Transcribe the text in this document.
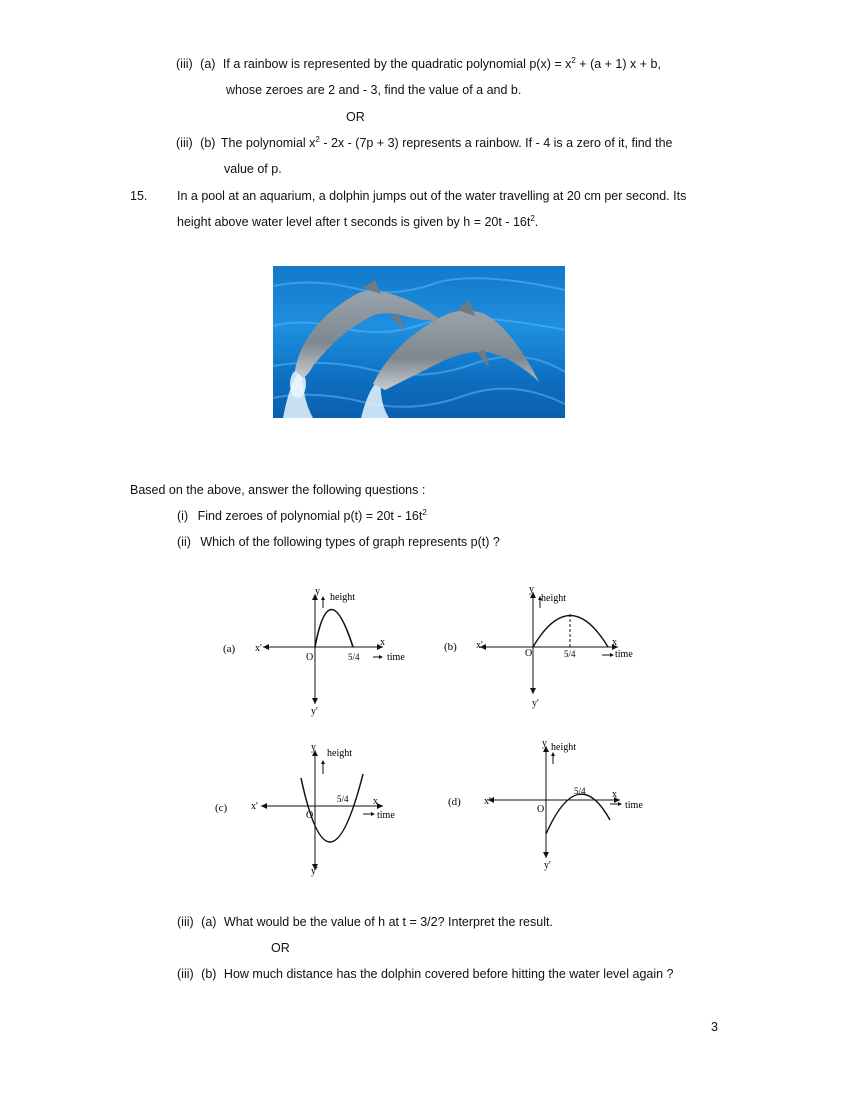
(iii) (a) If a rainbow is represented by the quadratic polynomial $p(x) = x^2 + (a + 1) x + b$,
whose zeroes are 2 and - 3, find the value of a and b.
OR
(iii) (b) The polynomial $x^2 - 2x - (7p + 3)$ represents a rainbow. If - 4 is a zero of it, find the
value of p.
15. In a pool at an aquarium, a dolphin jumps out of the water travelling at 20 cm per second. Its
height above water level after t seconds is given by $h = 20t - 16t^2$.
Based on the above, answer the following questions :
(i) Find zeroes of polynomial $p(t) = 20t - 16t^2$
(ii) Which of the following types of graph represents p(t) ?
(a) x'
x
y
y'
O
height
5/4	time
(b) x'	x
y
y'
O
height
5/4	time
(c) x'	x
y
y'
O
height
5/4
time
(d) x'
x
y
y'
O
height
5/4
time
(iii) (a) What would be the value of h at t = 3/2? Interpret the result.
OR
(iii) (b) How much distance has the dolphin covered before hitting the water level again ?
3
